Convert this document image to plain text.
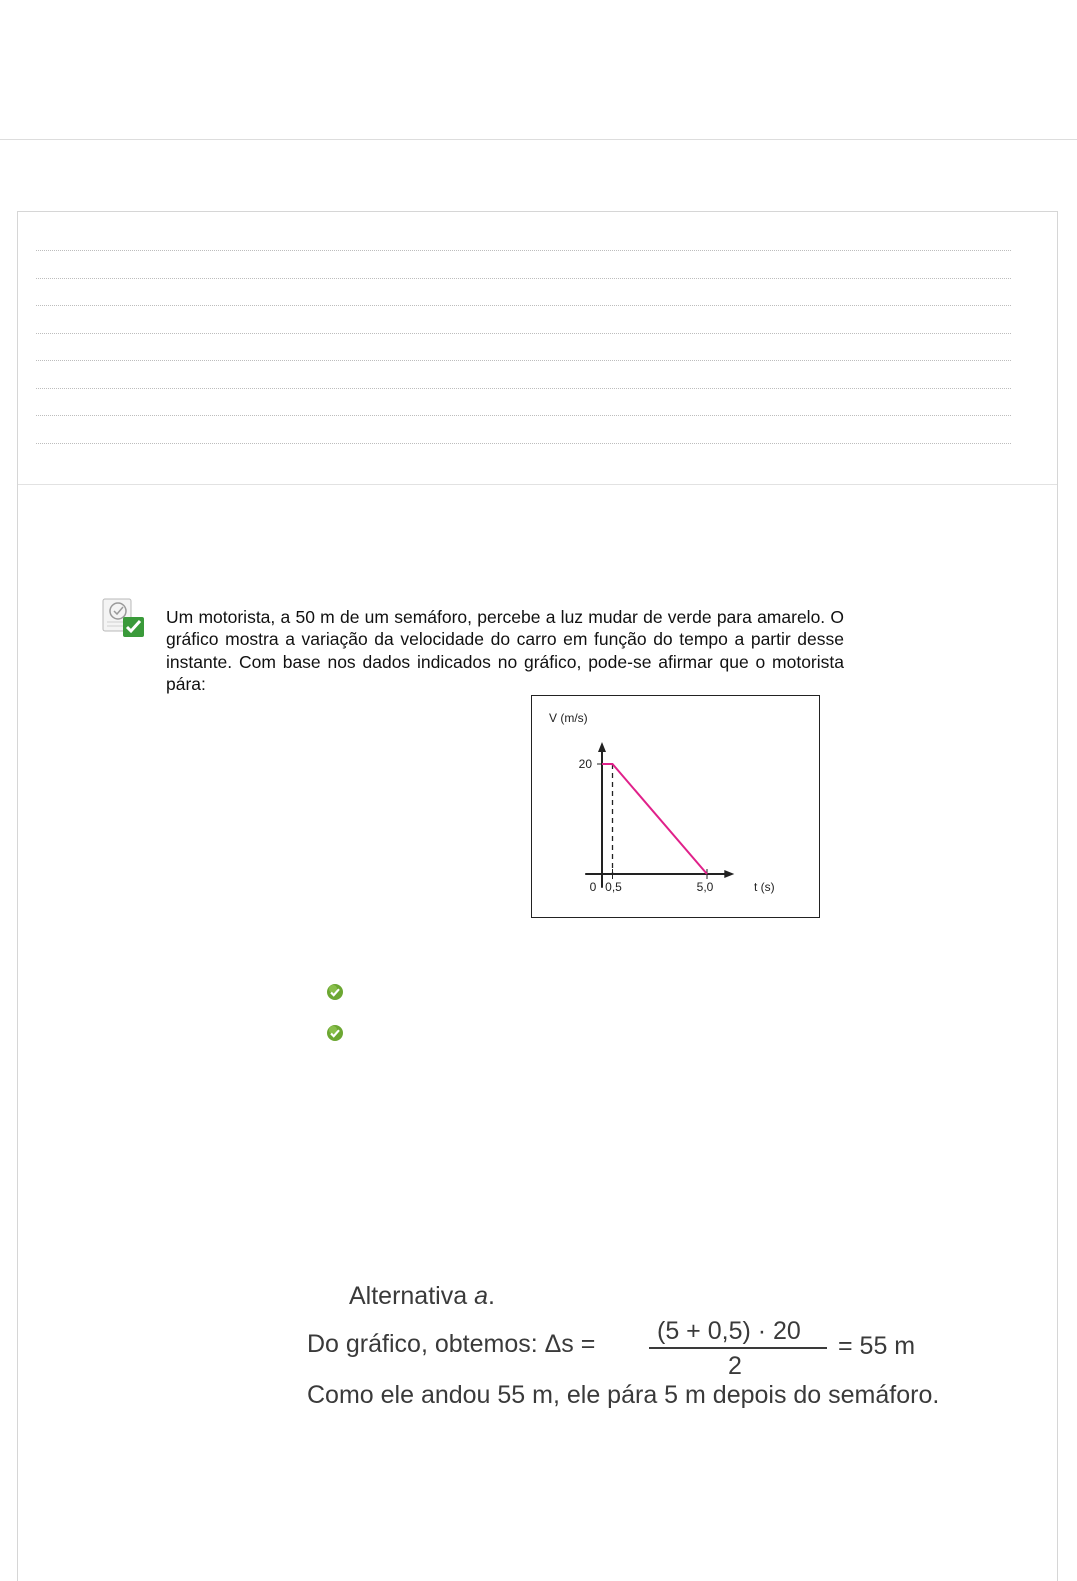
Um motorista, a 50 m de um semáforo, percebe a luz mudar de verde para amarelo. O gráfico mostra a variação da velocidade do carro em função do tempo a partir desse instante. Com base nos dados indicados no gráfico, pode-se afirmar que o motorista pára:
V (m/s)
t (s)
20
0 0,5	5,0
Alternativa a.
Do gráfico, obtemos: Δs = (5 + 0,5) · 20
2
= 55 m
Como ele andou 55 m, ele pára 5 m depois do semáforo.
